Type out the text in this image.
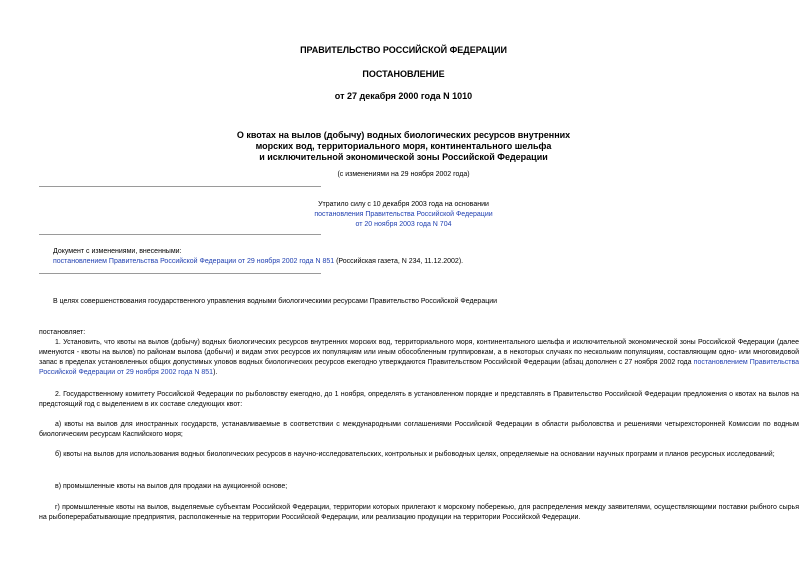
ПРАВИТЕЛЬСТВО РОССИЙСКОЙ ФЕДЕРАЦИИ
ПОСТАНОВЛЕНИЕ
от 27 декабря 2000 года N 1010
О квотах на вылов (добычу) водных биологических ресурсов внутренних
морских вод, территориального моря, континентального шельфа
и исключительной экономической зоны Российской Федерации
(с изменениями на 29 ноября 2002 года)
Утратило силу с 10 декабря 2003 года на основании
постановления Правительства Российской Федерации
от 20 ноября 2003 года N 704
Документ с изменениями, внесенными:
постановлением Правительства Российской Федерации от 29 ноября 2002 года N 851 (Российская газета, N 234, 11.12.2002).
В целях совершенствования государственного управления водными биологическими ресурсами Правительство Российской Федерации
постановляет:
1. Установить, что квоты на вылов (добычу) водных биологических ресурсов внутренних морских вод, территориального моря, континентального шельфа и исключительной экономической зоны Российской Федерации (далее именуются - квоты на вылов) по районам вылова (добычи) и видам этих ресурсов их популяциям или иным обособленным группировкам, а в некоторых случаях по нескольким популяциям, составляющим одно- или многовидовой запас в пределах установленных общих допустимых уловов водных биологических ресурсов ежегодно утверждаются Правительством Российской Федерации (абзац дополнен с 27 ноября 2002 года постановлением Правительства Российской Федерации от 29 ноября 2002 года N 851).
2. Государственному комитету Российской Федерации по рыболовству ежегодно, до 1 ноября, определять в установленном порядке и представлять в Правительство Российской Федерации предложения о квотах на вылов на предстоящий год с выделением в их составе следующих квот:
а) квоты на вылов для иностранных государств, устанавливаемые в соответствии с международными соглашениями Российской Федерации в области рыболовства и решениями четырехсторонней Комиссии по водным биологическим ресурсам Каспийского моря;
б) квоты на вылов для использования водных биологических ресурсов в научно-исследовательских, контрольных и рыбоводных целях, определяемые на основании научных программ и планов ресурсных исследований;
в) промышленные квоты на вылов для продажи на аукционной основе;
г) промышленные квоты на вылов, выделяемые субъектам Российской Федерации, территории которых прилегают к морскому побережью, для распределения между заявителями, осуществляющими поставки рыбного сырья на рыбоперерабатывающие предприятия, расположенные на территории Российской Федерации, или реализацию продукции на территории Российской Федерации.
